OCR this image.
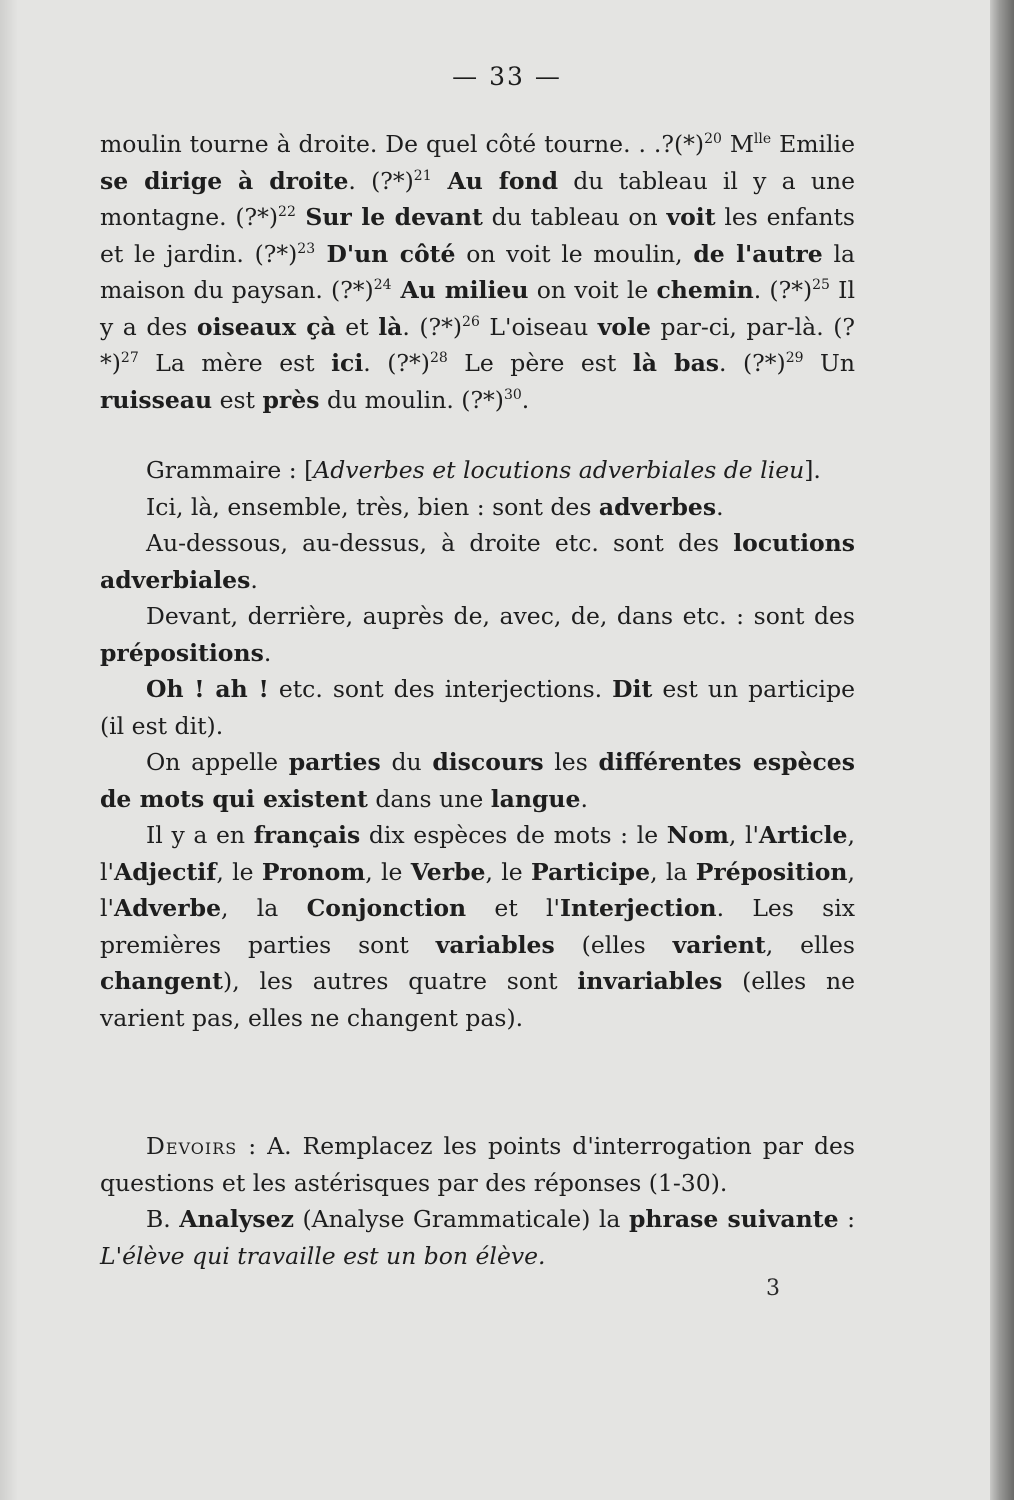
— 33 —

moulin tourne à droite. De quel côté tourne. . $.?(*)^{20}$ $M^{lle}$ Emilie se dirige à droite. (?*)$^{21}$ Au fond du tableau il y a une montagne. (?*)$^{22}$ Sur le devant du tableau on voit les enfants et le jardin. (?*)$^{23}$ D'un côté on voit le moulin, de l'autre la maison du paysan. (?*)$^{24}$ Au milieu on voit le chemin. (?*)$^{25}$ Il y a des oiseaux çà et là. (?*)$^{26}$ L'oiseau vole par-ci, par-là. (?*)$^{27}$ La mère est ici. (?*)$^{28}$ Le père est là bas. (?*)$^{29}$ Un ruisseau est près du moulin. (?*)$^{30}$.

Grammaire : [Adverbes et locutions adverbiales de lieu].

Ici, là, ensemble, très, bien : sont des adverbes.

Au-dessous, au-dessus, à droite etc. sont des locutions adverbiales.

Devant, derrière, auprès de, avec, de, dans etc. : sont des prépositions.

Oh ! ah ! etc. sont des interjections. Dit est un participe (il est dit).

On appelle parties du discours les différentes espèces de mots qui existent dans une langue.

Il y a en français dix espèces de mots : le Nom, l'Article, l'Adjectif, le Pronom, le Verbe, le Participe, la Préposition, l'Adverbe, la Conjonction et l'Interjection. Les six premières parties sont variables (elles varient, elles changent), les autres quatre sont invariables (elles ne varient pas, elles ne changent pas).

Devoirs : A. Remplacez les points d'interrogation par des questions et les astérisques par des réponses (1-30).

B. Analysez (Analyse Grammaticale) la phrase suivante : L'élève qui travaille est un bon élève.

3
